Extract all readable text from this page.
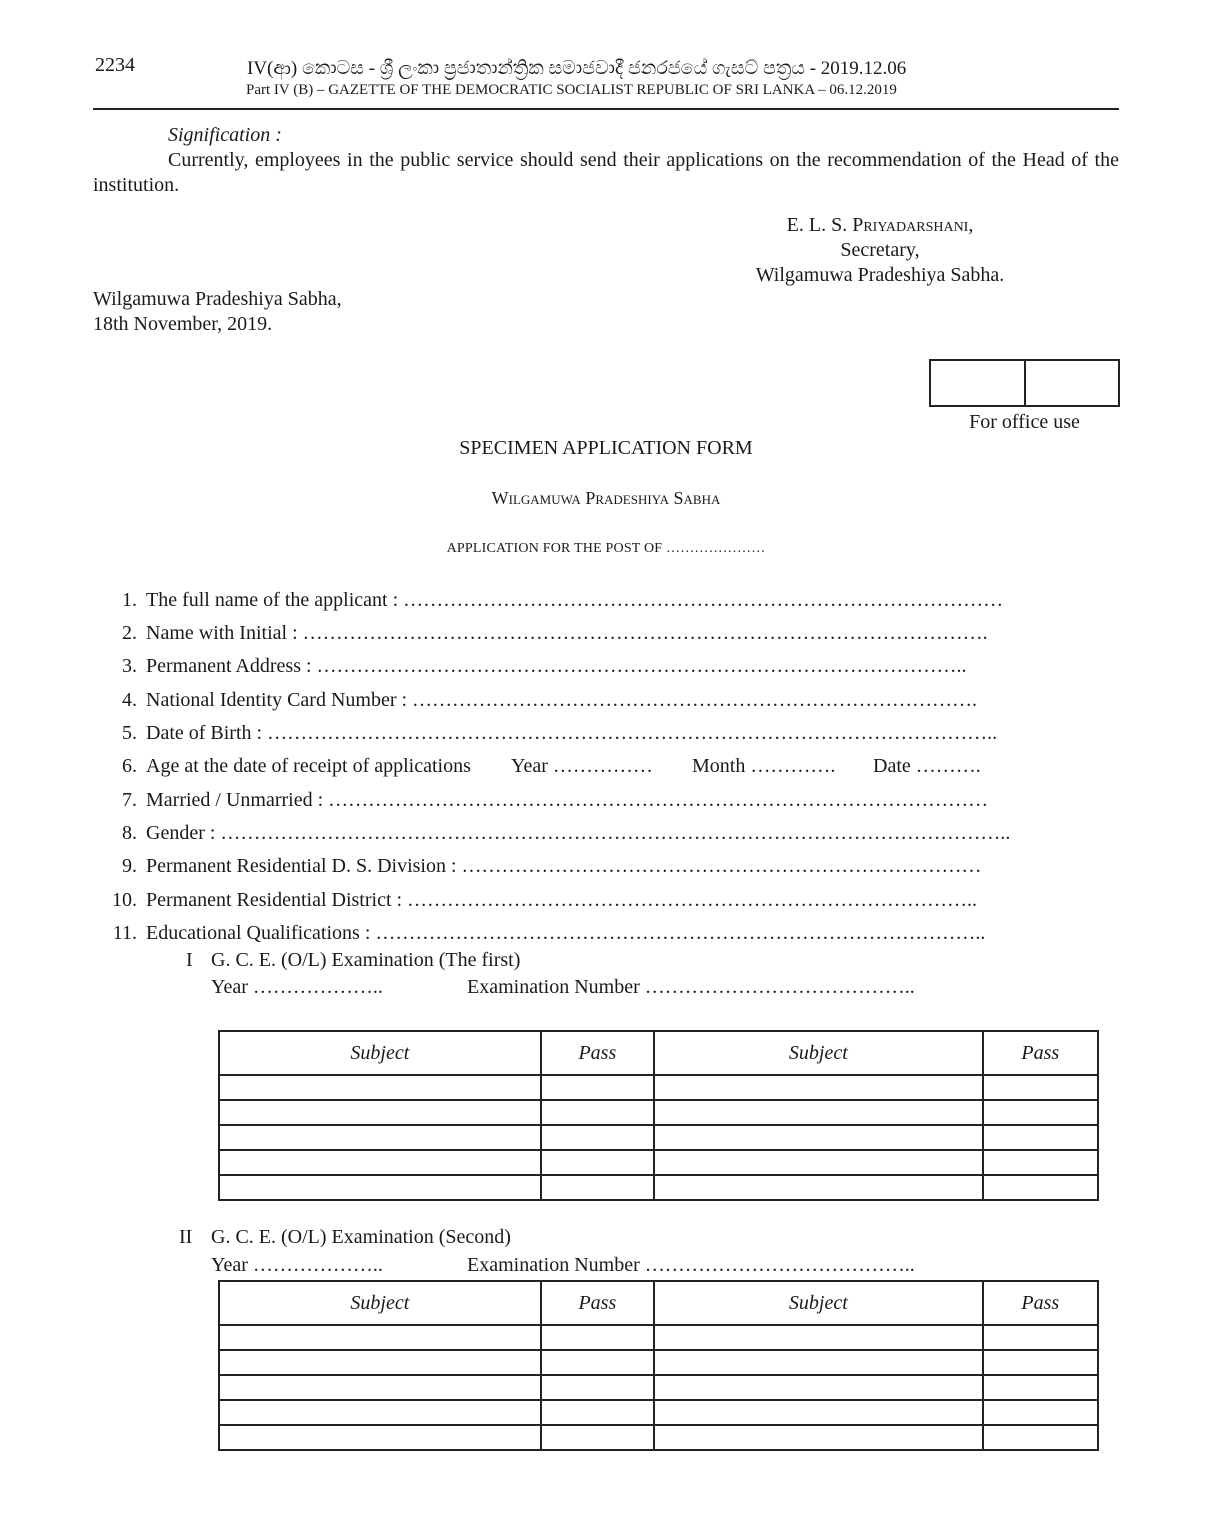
2234	IV(ආ) කොටස - ශ්‍රී ලංකා ප්‍රජාතාන්ත්‍රික සමාජවාදී ජනරජයේ ගැසට් පත්‍රය - 2019.12.06
Part IV (B) – GAZETTE OF THE DEMOCRATIC SOCIALIST REPUBLIC OF SRI LANKA – 06.12.2019
Signification :
Currently, employees in the public service should send their applications on the recommendation of the Head of the institution.
E. L. S. Priyadarshani,
Secretary,
Wilgamuwa Pradeshiya Sabha.
Wilgamuwa Pradeshiya Sabha,
18th November, 2019.
For office use
SPECIMEN APPLICATION FORM
Wilgamuwa Pradeshiya Sabha
APPLICATION FOR THE POST OF …………………
1. The full name of the applicant : ………………………………………………………………………………
2. Name with Initial : ………………………………………………………………………………………….
3. Permanent Address : ……………………………………………………………………………………..
4. National Identity Card Number : ………………………………………………………………………….
5. Date of Birth : ………………………………………………………………………………………………..
6. Age at the date of receipt of applications Year …………… Month …………. Date ……….
7. Married / Unmarried : ………………………………………………………………………………………
8. Gender : ………………………………………………………………………………………………………..
9. Permanent Residential D. S. Division : ……………………………………………………………………
10. Permanent Residential District : …………………………………………………………………………..
11. Educational Qualifications : ………………………………………………………………………………..
I G. C. E. (O/L) Examination (The first)
Year ………………..	Examination Number …………………………………..
Subject	Pass	Subject	Pass

II G. C. E. (O/L) Examination (Second)
Year ………………..	Examination Number …………………………………..
Subject	Pass	Subject	Pass
